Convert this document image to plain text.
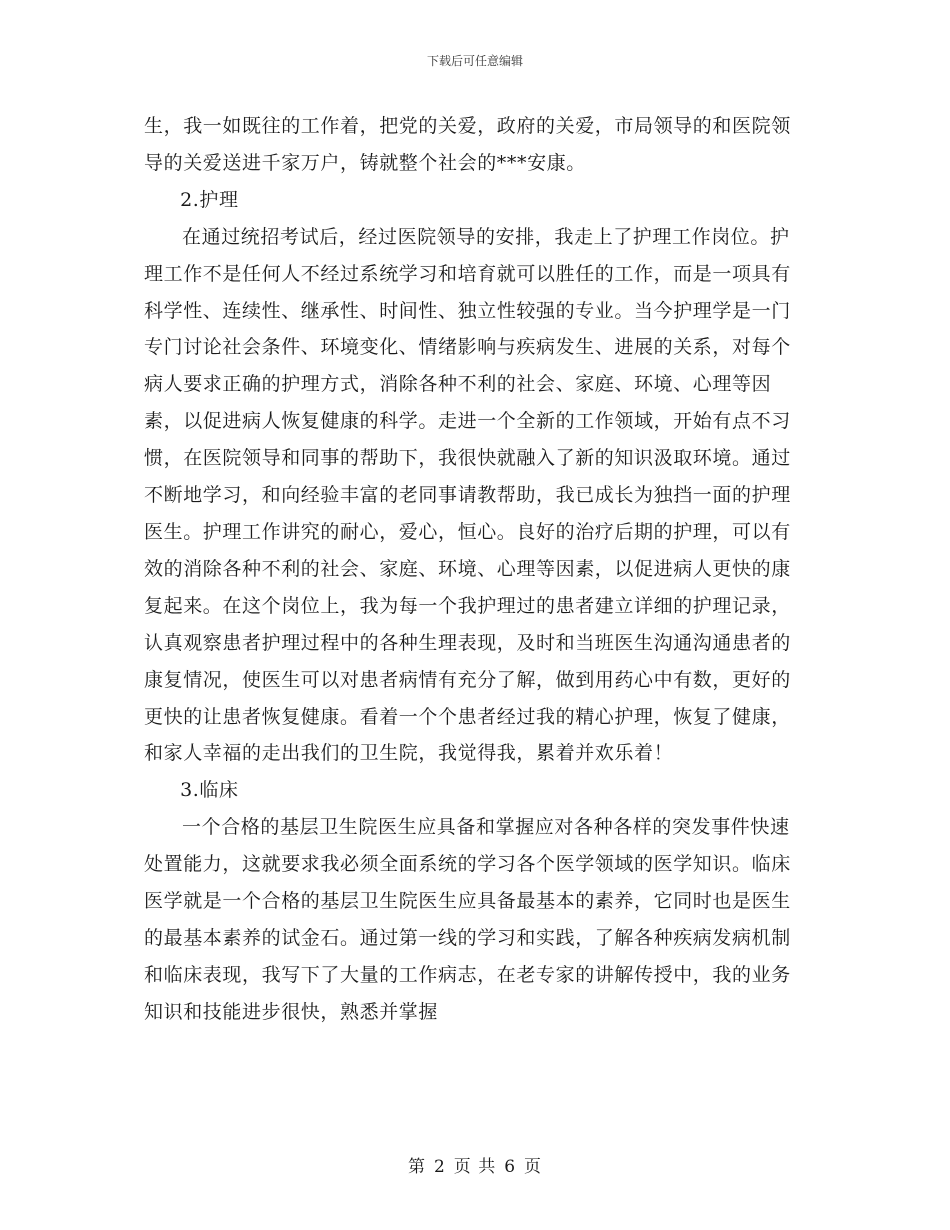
下载后可任意编辑

生，我一如既往的工作着，把党的关爱，政府的关爱，市局领导的和医院领导的关爱送进千家万户，铸就整个社会的***安康。

2.护理

在通过统招考试后，经过医院领导的安排，我走上了护理工作岗位。护理工作不是任何人不经过系统学习和培育就可以胜任的工作，而是一项具有科学性、连续性、继承性、时间性、独立性较强的专业。当今护理学是一门专门讨论社会条件、环境变化、情绪影响与疾病发生、进展的关系，对每个病人要求正确的护理方式，消除各种不利的社会、家庭、环境、心理等因素，以促进病人恢复健康的科学。走进一个全新的工作领域，开始有点不习惯，在医院领导和同事的帮助下，我很快就融入了新的知识汲取环境。通过不断地学习，和向经验丰富的老同事请教帮助，我已成长为独挡一面的护理医生。护理工作讲究的耐心，爱心，恒心。良好的治疗后期的护理，可以有效的消除各种不利的社会、家庭、环境、心理等因素，以促进病人更快的康复起来。在这个岗位上，我为每一个我护理过的患者建立详细的护理记录，认真观察患者护理过程中的各种生理表现，及时和当班医生沟通沟通患者的康复情况，使医生可以对患者病情有充分了解，做到用药心中有数，更好的更快的让患者恢复健康。看着一个个患者经过我的精心护理，恢复了健康，和家人幸福的走出我们的卫生院，我觉得我，累着并欢乐着！

3.临床

一个合格的基层卫生院医生应具备和掌握应对各种各样的突发事件快速处置能力，这就要求我必须全面系统的学习各个医学领域的医学知识。临床医学就是一个合格的基层卫生院医生应具备最基本的素养，它同时也是医生的最基本素养的试金石。通过第一线的学习和实践，了解各种疾病发病机制和临床表现，我写下了大量的工作病志，在老专家的讲解传授中，我的业务知识和技能进步很快，熟悉并掌握

第 2 页 共 6 页
